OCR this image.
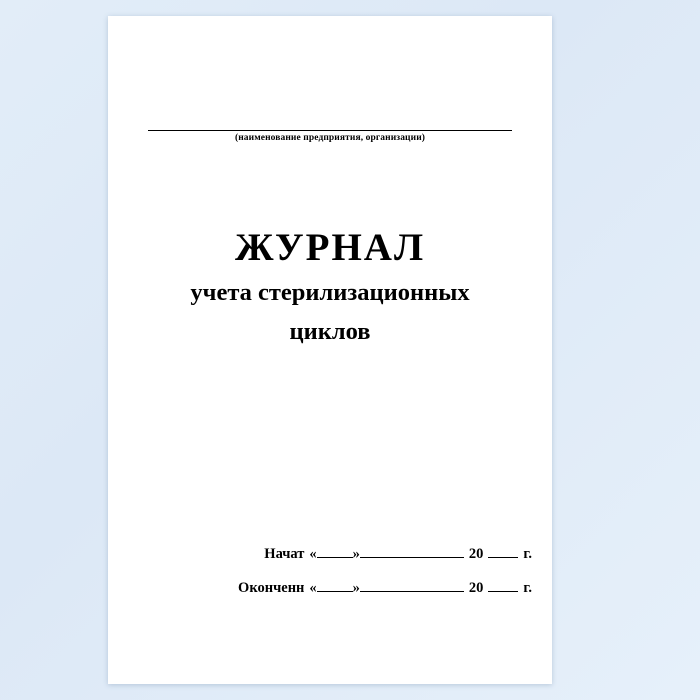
(наименование предприятия, организации)
ЖУРНАЛ
учета стерилизационных
циклов
Начат « »	20	г.
Оконченн « »	20	г.
